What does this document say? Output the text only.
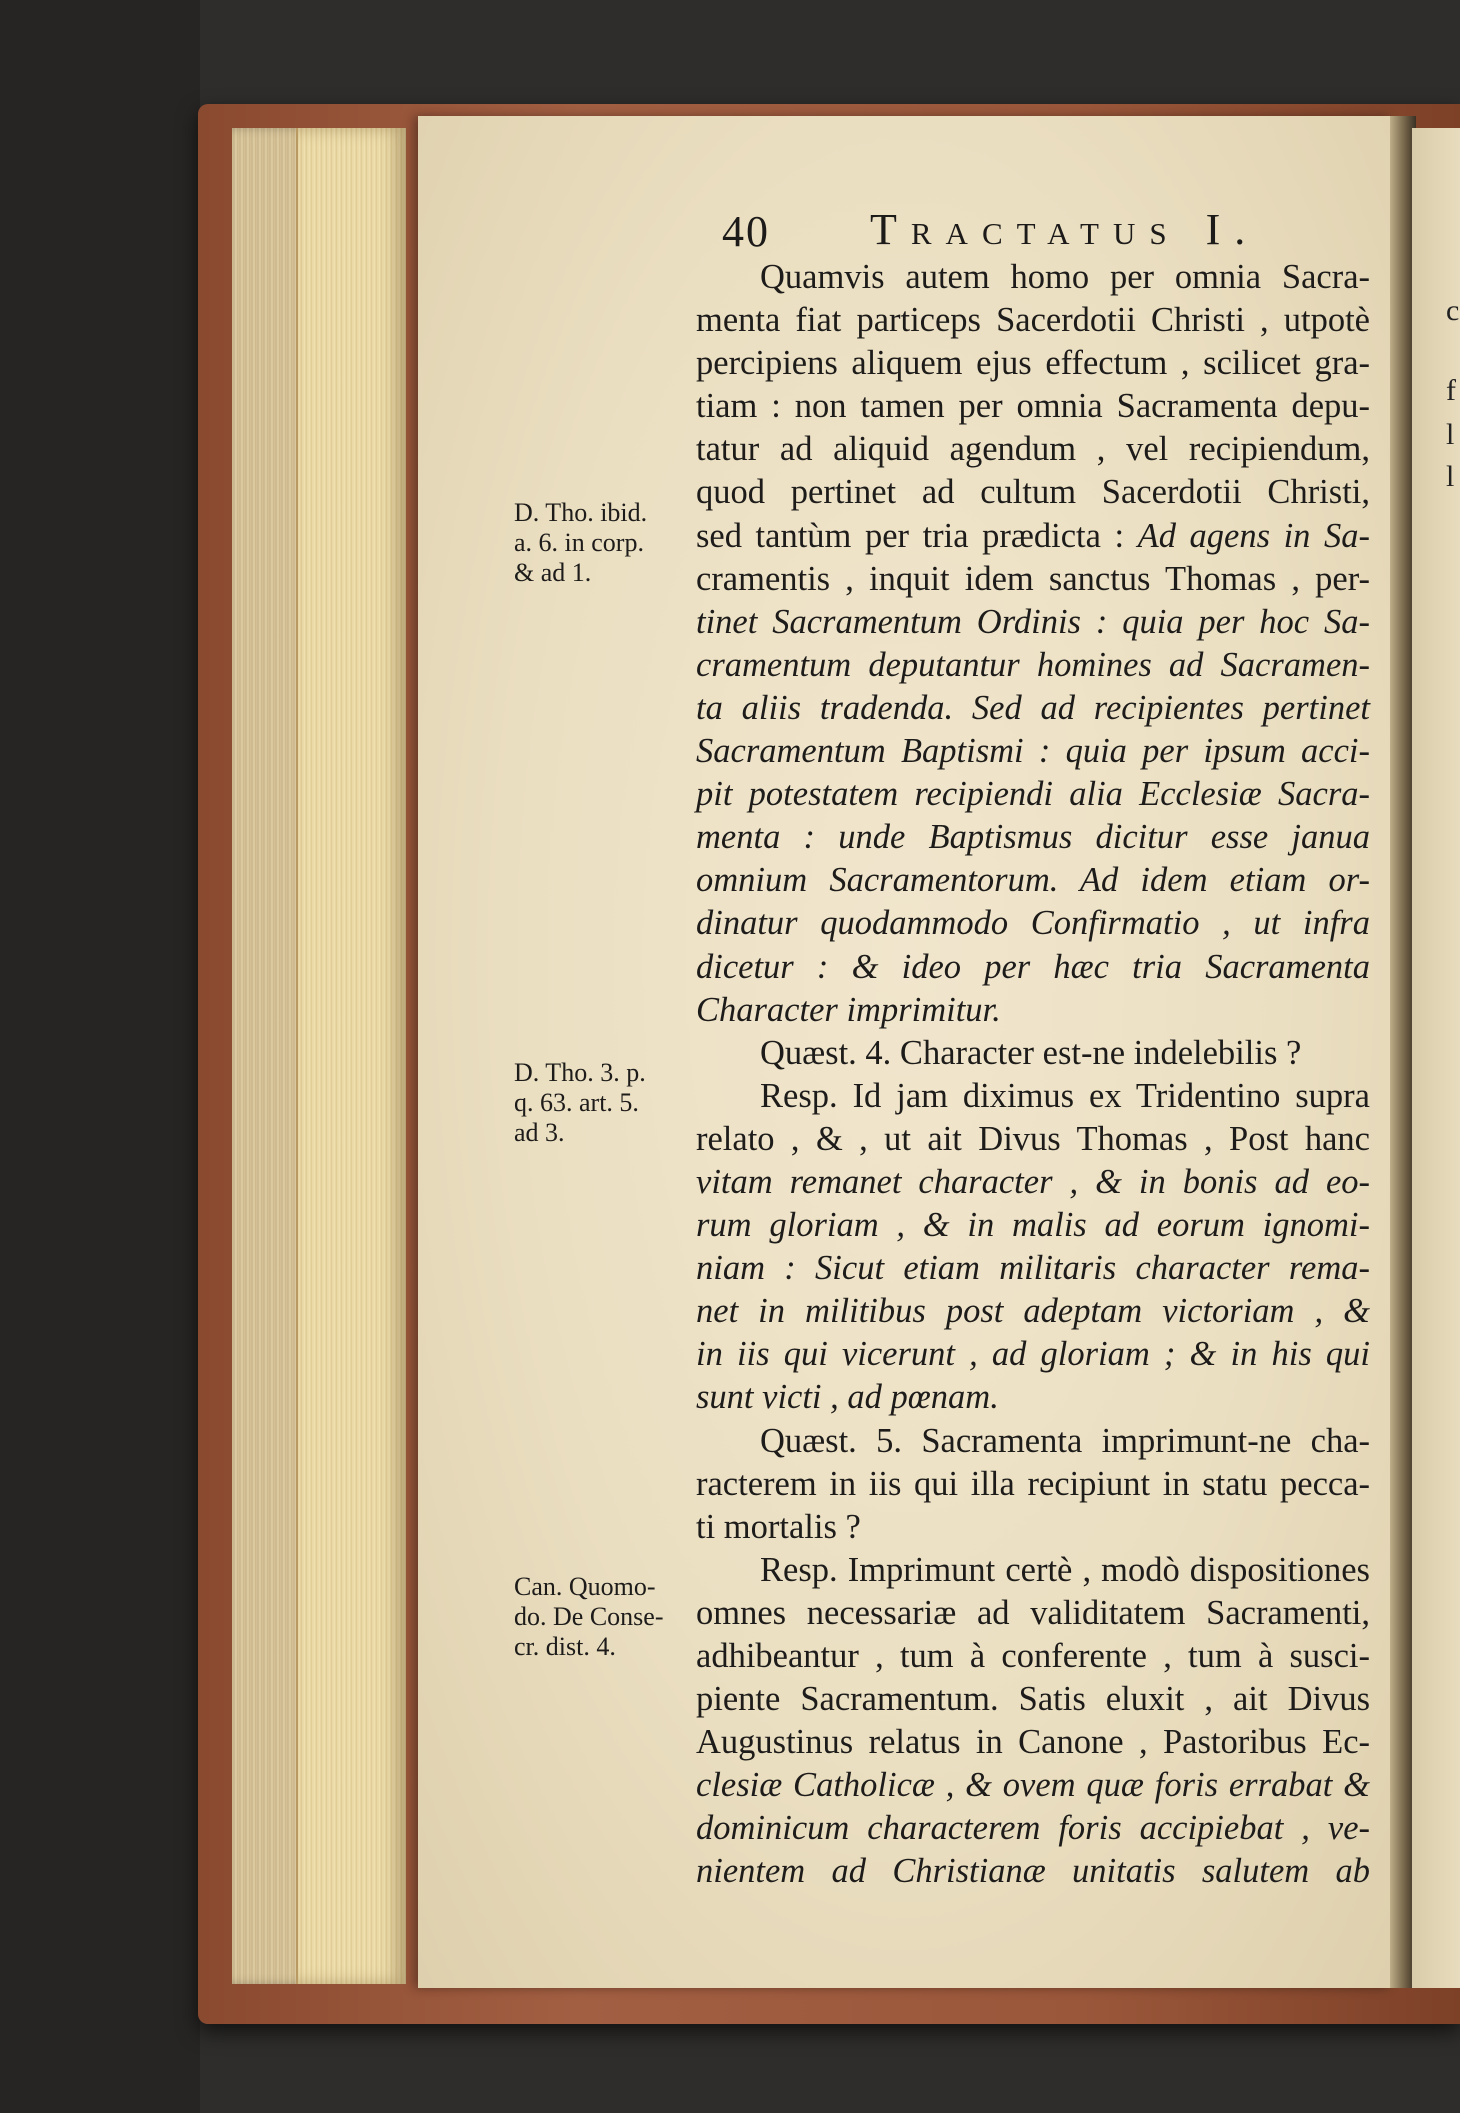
c
f
l
l
40 Tractatus I.
Quamvis autem homo per omnia Sacra-
menta fiat particeps Sacerdotii Christi , utpotè
percipiens aliquem ejus effectum , scilicet gra-
tiam : non tamen per omnia Sacramenta depu-
tatur ad aliquid agendum , vel recipiendum,
quod pertinet ad cultum Sacerdotii Christi,
sed tantùm per tria prædicta : Ad agens in Sa-
cramentis , inquit idem sanctus Thomas , per-
tinet Sacramentum Ordinis : quia per hoc Sa-
cramentum deputantur homines ad Sacramen-
ta aliis tradenda. Sed ad recipientes pertinet
Sacramentum Baptismi : quia per ipsum acci-
pit potestatem recipiendi alia Ecclesiæ Sacra-
menta : unde Baptismus dicitur esse janua
omnium Sacramentorum. Ad idem etiam or-
dinatur quodammodo Confirmatio , ut infra
dicetur : & ideo per hæc tria Sacramenta
Character imprimitur.
Quæst. 4. Character est-ne indelebilis ?
Resp. Id jam diximus ex Tridentino supra
relato , & , ut ait Divus Thomas , Post hanc
vitam remanet character , & in bonis ad eo-
rum gloriam , & in malis ad eorum ignomi-
niam : Sicut etiam militaris character rema-
net in militibus post adeptam victoriam , &
in iis qui vicerunt , ad gloriam ; & in his qui
sunt victi , ad pœnam.
Quæst. 5. Sacramenta imprimunt-ne cha-
racterem in iis qui illa recipiunt in statu pecca-
ti mortalis ?
Resp. Imprimunt certè , modò dispositiones
omnes necessariæ ad validitatem Sacramenti,
adhibeantur , tum à conferente , tum à susci-
piente Sacramentum. Satis eluxit , ait Divus
Augustinus relatus in Canone , Pastoribus Ec-
clesiæ Catholicæ , & ovem quæ foris errabat &
dominicum characterem foris accipiebat , ve-
nientem ad Christianæ unitatis salutem ab
D. Tho. ibid.
a. 6. in corp.
& ad 1.
D. Tho. 3. p.
q. 63. art. 5.
ad 3.
Can. Quomo-
do. De Conse-
cr. dist. 4.
